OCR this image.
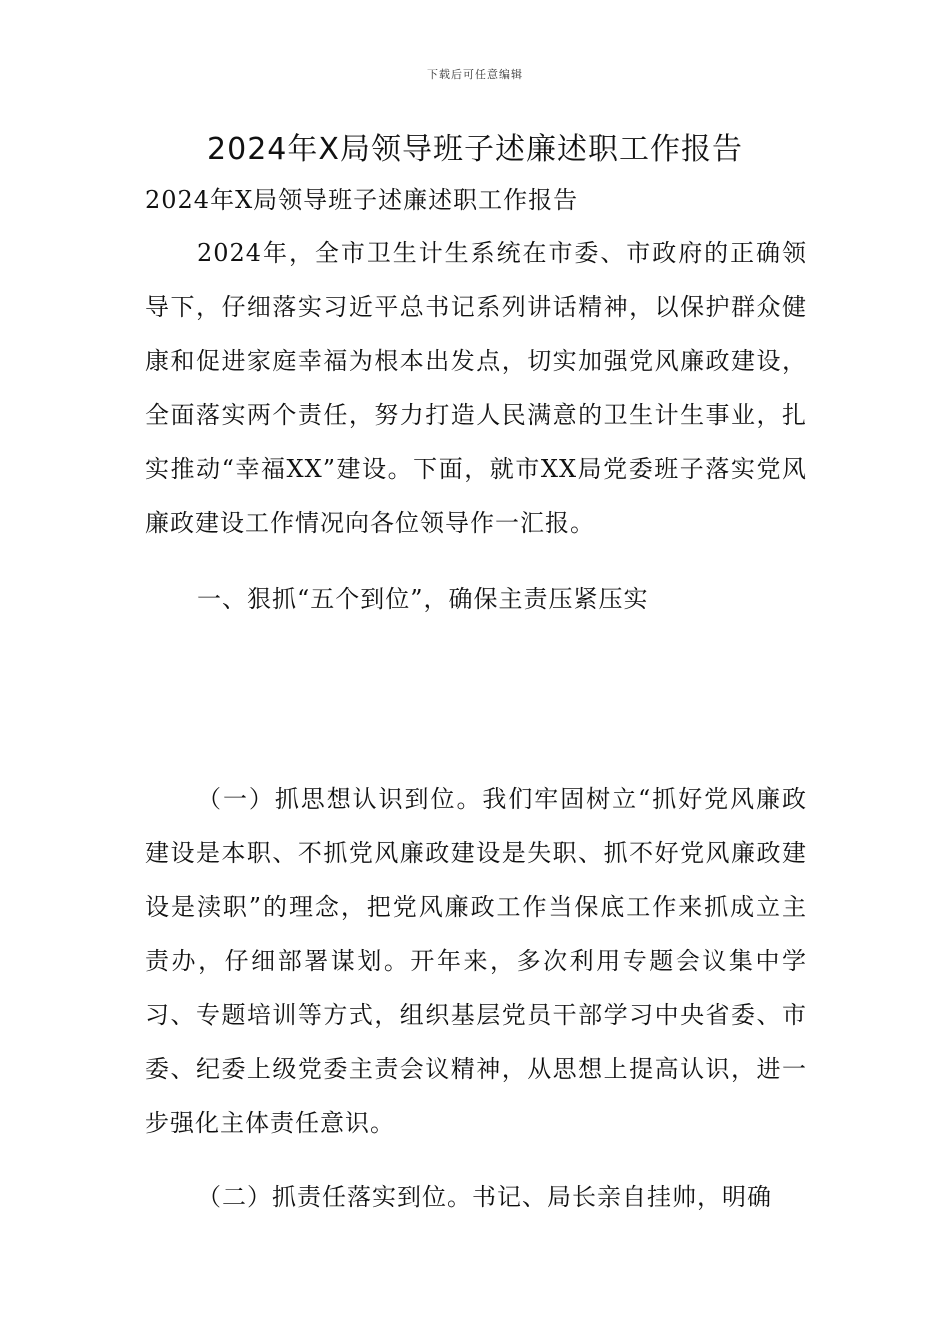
下载后可任意编辑
2024年X局领导班子述廉述职工作报告

2024年X局领导班子述廉述职工作报告

2024年，全市卫生计生系统在市委、市政府的正确领导下，仔细落实习近平总书记系列讲话精神，以保护群众健康和促进家庭幸福为根本出发点，切实加强党风廉政建设，全面落实两个责任，努力打造人民满意的卫生计生事业，扎实推动“幸福XX”建设。下面，就市XX局党委班子落实党风廉政建设工作情况向各位领导作一汇报。

一、狠抓“五个到位”，确保主责压紧压实

（一）抓思想认识到位。我们牢固树立“抓好党风廉政建设是本职、不抓党风廉政建设是失职、抓不好党风廉政建设是渎职”的理念，把党风廉政工作当保底工作来抓成立主责办，仔细部署谋划。开年来，多次利用专题会议集中学习、专题培训等方式，组织基层党员干部学习中央省委、市委、纪委上级党委主责会议精神，从思想上提高认识，进一步强化主体责任意识。

（二）抓责任落实到位。书记、局长亲自挂帅，明确
